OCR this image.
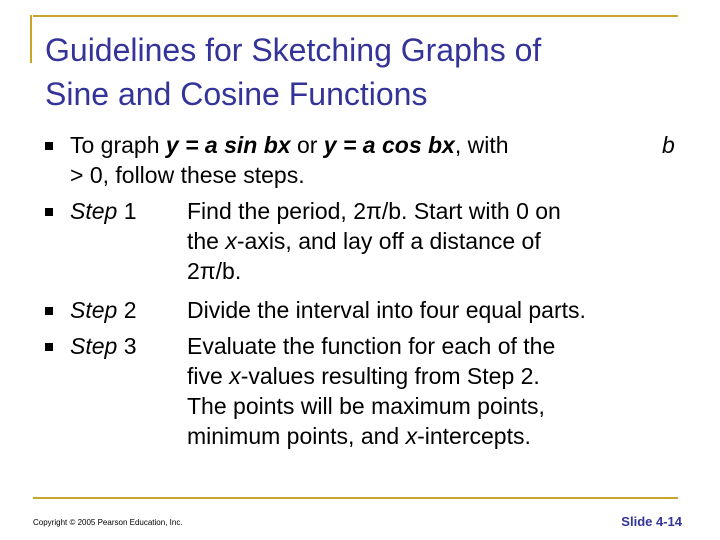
Guidelines for Sketching Graphs of
Sine and Cosine Functions
To graph y = a sin bx or y = a cos bx, with	b
> 0, follow these steps.
Step 1 Find the period, 2π/b. Start with 0 on
the x-axis, and lay off a distance of
2π/b.
Step 2 Divide the interval into four equal parts.
Step 3 Evaluate the function for each of the
five x-values resulting from Step 2.
The points will be maximum points,
minimum points, and x-intercepts.
Copyright © 2005 Pearson Education, Inc.	Slide 4-14
